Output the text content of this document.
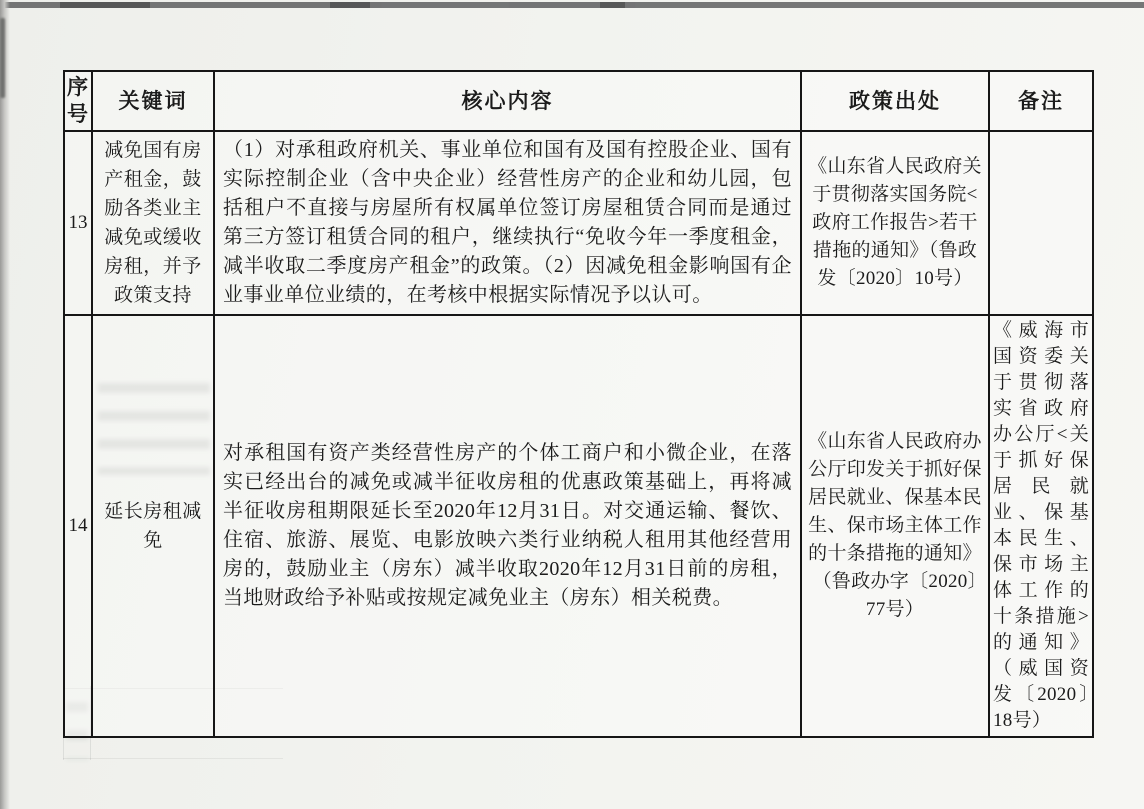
序号	关键词	核心内容	政策出处	备注
13	减免国有房产租金，鼓励各类业主减免或缓收房租，并予政策支持	（1）对承租政府机关、事业单位和国有及国有控股企业、国有实际控制企业（含中央企业）经营性房产的企业和幼儿园，包括租户不直接与房屋所有权属单位签订房屋租赁合同而是通过第三方签订租赁合同的租户，继续执行“免收今年一季度租金，减半收取二季度房产租金”的政策。（2）因减免租金影响国有企业事业单位业绩的，在考核中根据实际情况予以认可。	《山东省人民政府关于贯彻落实国务院<政府工作报告>若干措拖的通知》（鲁政发〔2020〕10号）	
14	延长房租减免	对承租国有资产类经营性房产的个体工商户和小微企业，在落实已经出台的减免或减半征收房租的优惠政策基础上，再将减半征收房租期限延长至2020年12月31日。对交通运输、餐饮、住宿、旅游、展览、电影放映六类行业纳税人租用其他经营用房的，鼓励业主（房东）减半收取2020年12月31日前的房租，当地财政给予补贴或按规定减免业主（房东）相关税费。	《山东省人民政府办公厅印发关于抓好保居民就业、保基本民生、保市场主体工作的十条措拖的通知》（鲁政办字〔2020〕77号）	《威海市国资委关于贯彻落实省政府办公厅<关于抓好保居民就业、保基本民生、保市场主体工作的十条措施>的通知》（威国资发〔2020〕18号）
